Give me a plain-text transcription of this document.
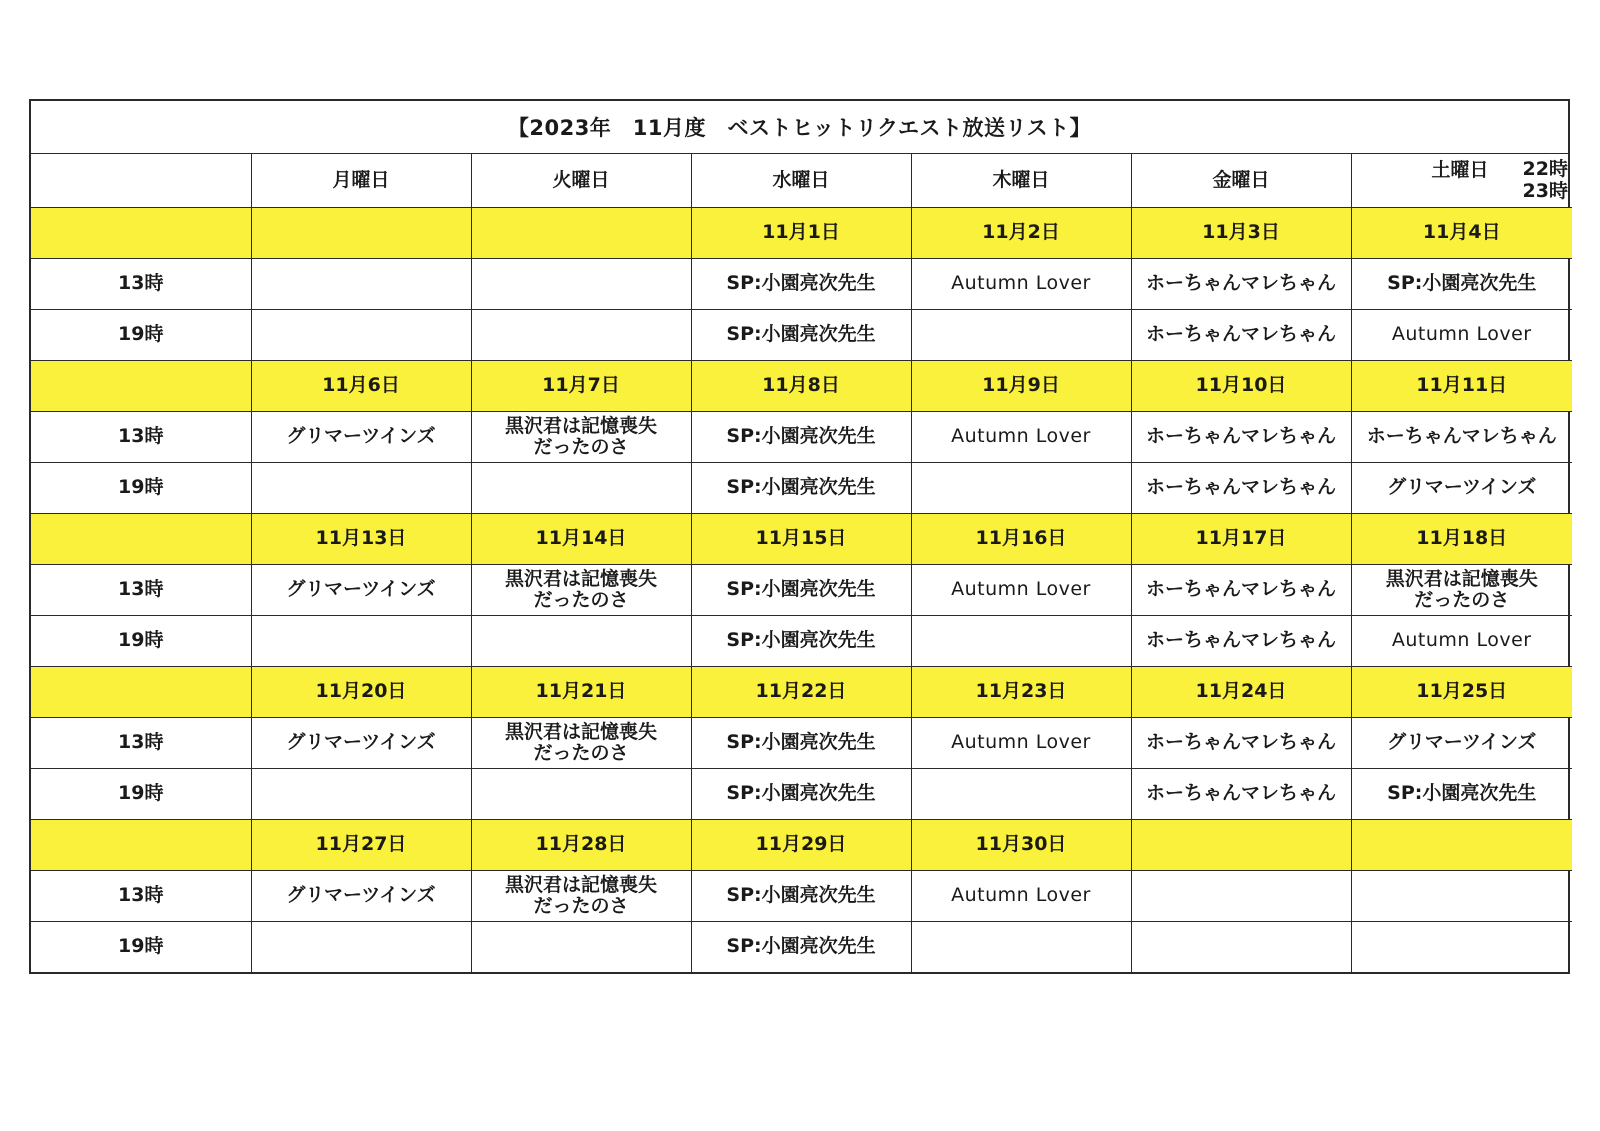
【2023年　11月度　ベストヒットリクエスト放送リスト】
	月曜日	火曜日	水曜日	木曜日	金曜日	土曜日 22時
23時

			11月1日	11月2日	11月3日	11月4日
13時			SP:小園亮次先生	Autumn Lover	ホーちゃんマレちゃん	SP:小園亮次先生
19時			SP:小園亮次先生		ホーちゃんマレちゃん	Autumn Lover
	11月6日	11月7日	11月8日	11月9日	11月10日	11月11日
13時	グリマーツインズ	黒沢君は記憶喪失
だったのさ	SP:小園亮次先生	Autumn Lover	ホーちゃんマレちゃん	ホーちゃんマレちゃん
19時			SP:小園亮次先生		ホーちゃんマレちゃん	グリマーツインズ
	11月13日	11月14日	11月15日	11月16日	11月17日	11月18日
13時	グリマーツインズ	黒沢君は記憶喪失
だったのさ	SP:小園亮次先生	Autumn Lover	ホーちゃんマレちゃん	黒沢君は記憶喪失
だったのさ
19時			SP:小園亮次先生		ホーちゃんマレちゃん	Autumn Lover
	11月20日	11月21日	11月22日	11月23日	11月24日	11月25日
13時	グリマーツインズ	黒沢君は記憶喪失
だったのさ	SP:小園亮次先生	Autumn Lover	ホーちゃんマレちゃん	グリマーツインズ
19時			SP:小園亮次先生		ホーちゃんマレちゃん	SP:小園亮次先生
	11月27日	11月28日	11月29日	11月30日		
13時	グリマーツインズ	黒沢君は記憶喪失
だったのさ	SP:小園亮次先生	Autumn Lover		
19時			SP:小園亮次先生			
